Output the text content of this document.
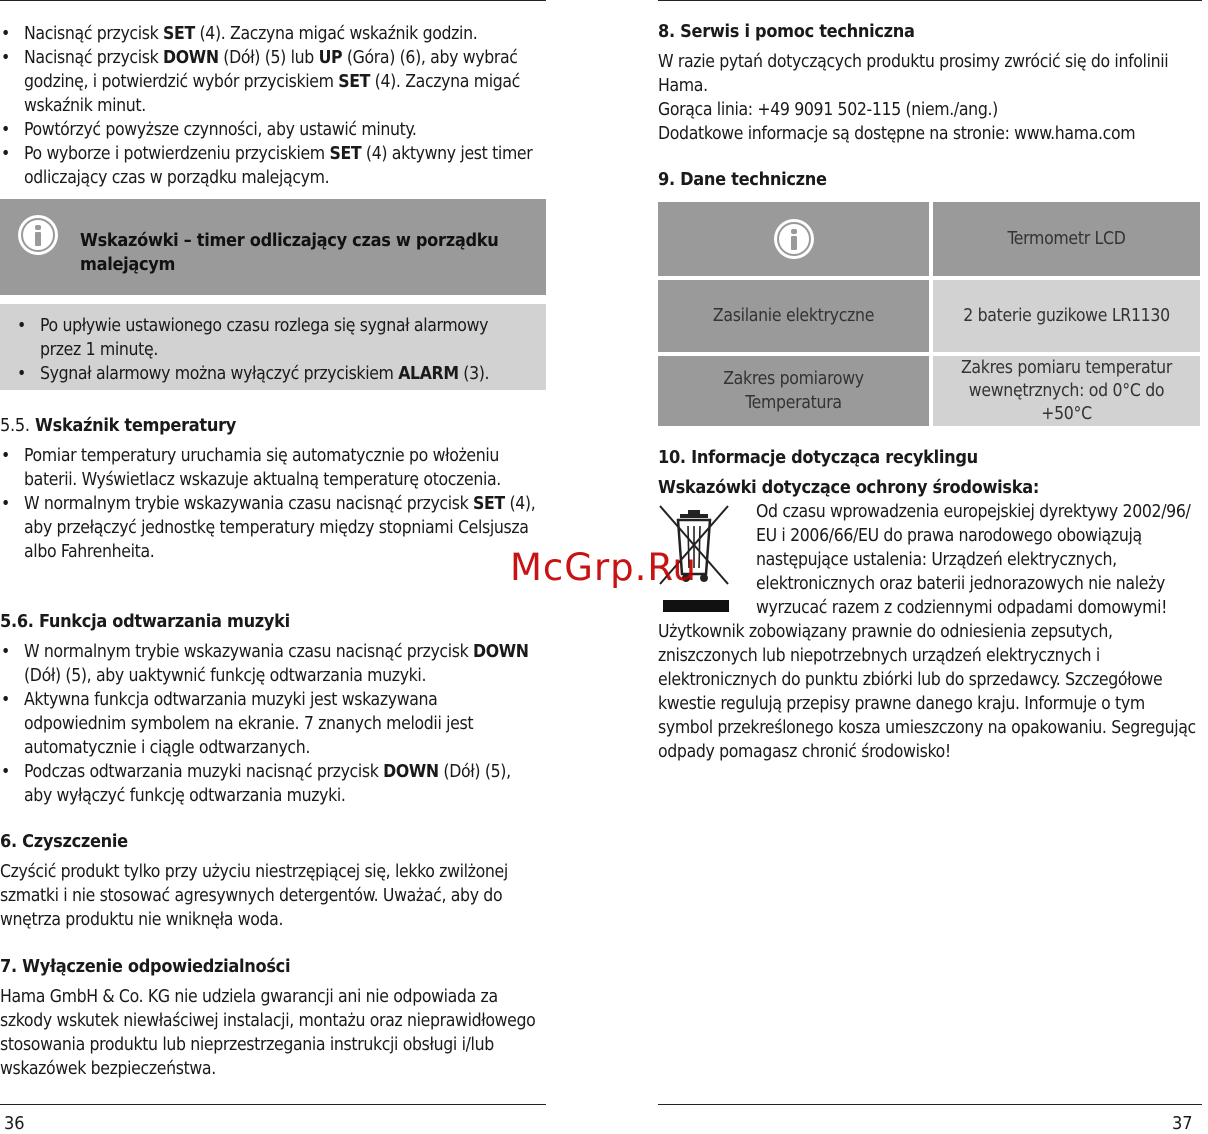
• Nacisnąć przycisk SET (4). Zaczyna migać wskaźnik godzin.
• Nacisnąć przycisk DOWN (Dół) (5) lub UP (Góra) (6), aby wybrać godzinę, i potwierdzić wybór przyciskiem SET (4). Zaczyna migać wskaźnik minut.
• Powtórzyć powyższe czynności, aby ustawić minuty.
• Po wyborze i potwierdzeniu przyciskiem SET (4) aktywny jest timer odliczający czas w porządku malejącym.
Wskazówki – timer odliczający czas w porządku malejącym
• Po upływie ustawionego czasu rozlega się sygnał alarmowy przez 1 minutę.
• Sygnał alarmowy można wyłączyć przyciskiem ALARM (3).
5.5. Wskaźnik temperatury
• Pomiar temperatury uruchamia się automatycznie po włożeniu baterii. Wyświetlacz wskazuje aktualną temperaturę otoczenia.
• W normalnym trybie wskazywania czasu nacisnąć przycisk SET (4), aby przełączyć jednostkę temperatury między stopniami Celsjusza albo Fahrenheita.
5.6. Funkcja odtwarzania muzyki
• W normalnym trybie wskazywania czasu nacisnąć przycisk DOWN (Dół) (5), aby uaktywnić funkcję odtwarzania muzyki.
• Aktywna funkcja odtwarzania muzyki jest wskazywana odpowiednim symbolem na ekranie. 7 znanych melodii jest automatycznie i ciągle odtwarzanych.
• Podczas odtwarzania muzyki nacisnąć przycisk DOWN (Dół) (5), aby wyłączyć funkcję odtwarzania muzyki.
6. Czyszczenie

Czyścić produkt tylko przy użyciu niestrzępiącej się, lekko zwilżonej szmatki i nie stosować agresywnych detergentów. Uważać, aby do wnętrza produktu nie wniknęła woda.

7. Wyłączenie odpowiedzialności

Hama GmbH & Co. KG nie udziela gwarancji ani nie odpowiada za szkody wskutek niewłaściwej instalacji, montażu oraz nieprawidłowego stosowania produktu lub nieprzestrzegania instrukcji obsługi i/lub wskazówek bezpieczeństwa.

36
8. Serwis i pomoc techniczna
W razie pytań dotyczących produktu prosimy zwrócić się do infolinii Hama.
Gorąca linia: +49 9091 502-115 (niem./ang.)
Dodatkowe informacje są dostępne na stronie: www.hama.com
9. Dane techniczne
Termometr LCD
Zasilanie elektryczne	2 baterie guzikowe LR1130
Zakres pomiarowy Temperatura
Zakres pomiaru temperatur wewnętrznych: od 0°C do +50°C
10. Informacje dotycząca recyklingu
Wskazówki dotyczące ochrony środowiska:

Od czasu wprowadzenia europejskiej dyrektywy 2002/96/ EU i 2006/66/EU do prawa narodowego obowiązują następujące ustalenia: Urządzeń elektrycznych, elektronicznych oraz baterii jednorazowych nie należy wyrzucać razem z codziennymi odpadami domowymi!

Użytkownik zobowiązany prawnie do odniesienia zepsutych, zniszczonych lub niepotrzebnych urządzeń elektrycznych i elektronicznych do punktu zbiórki lub do sprzedawcy. Szczegółowe kwestie regulują przepisy prawne danego kraju. Informuje o tym symbol przekreślonego kosza umieszczony na opakowaniu. Segregując odpady pomagasz chronić środowisko!

37
McGrp.Ru
